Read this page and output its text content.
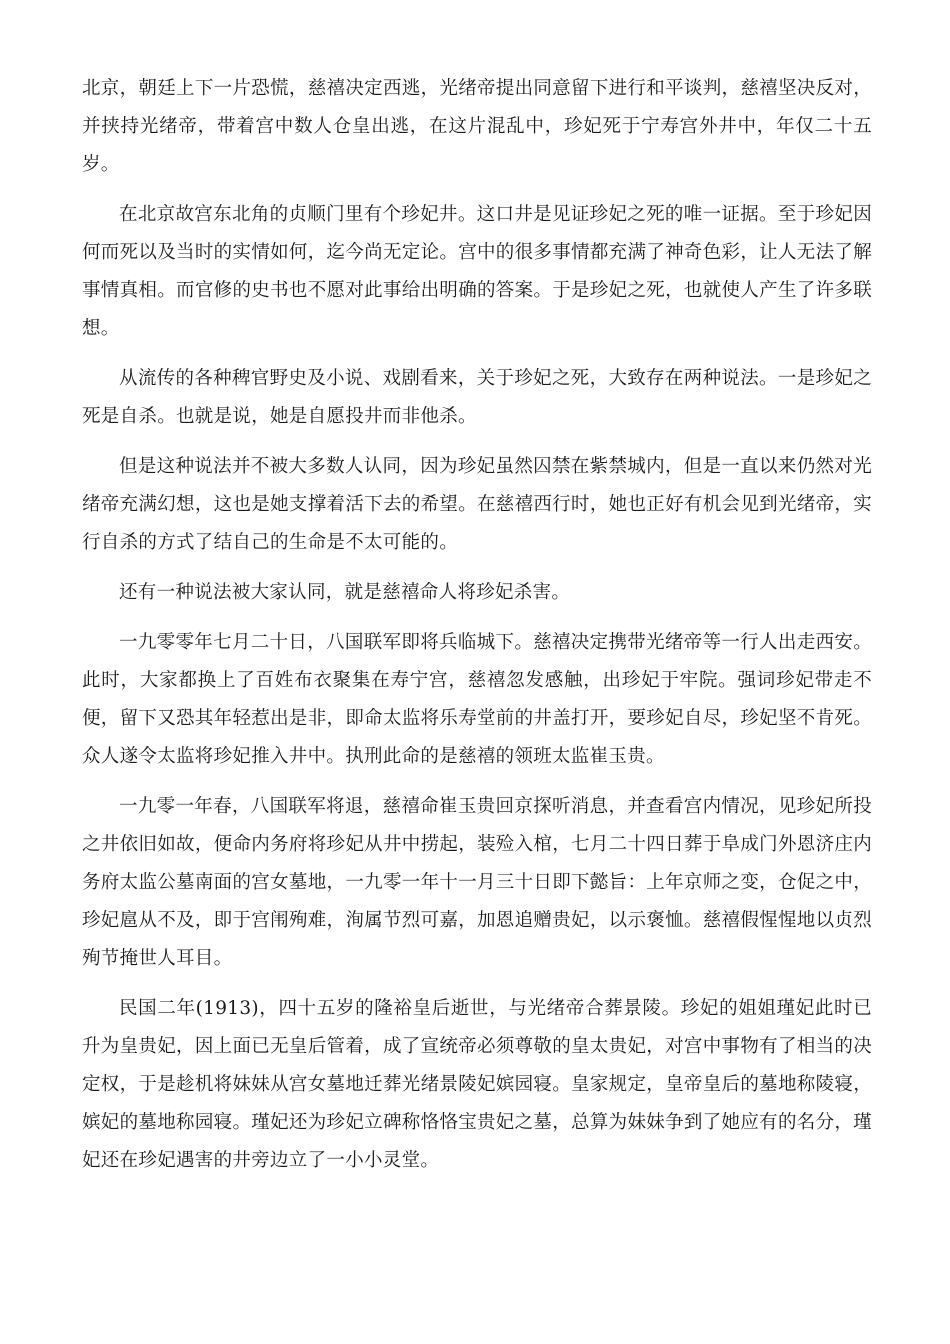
北京，朝廷上下一片恐慌，慈禧决定西逃，光绪帝提出同意留下进行和平谈判，慈禧坚决反对，并挟持光绪帝，带着宫中数人仓皇出逃，在这片混乱中，珍妃死于宁寿宫外井中，年仅二十五岁。

在北京故宫东北角的贞顺门里有个珍妃井。这口井是见证珍妃之死的唯一证据。至于珍妃因何而死以及当时的实情如何，迄今尚无定论。宫中的很多事情都充满了神奇色彩，让人无法了解事情真相。而官修的史书也不愿对此事给出明确的答案。于是珍妃之死，也就使人产生了许多联想。

从流传的各种稗官野史及小说、戏剧看来，关于珍妃之死，大致存在两种说法。一是珍妃之死是自杀。也就是说，她是自愿投井而非他杀。

但是这种说法并不被大多数人认同，因为珍妃虽然囚禁在紫禁城内，但是一直以来仍然对光绪帝充满幻想，这也是她支撑着活下去的希望。在慈禧西行时，她也正好有机会见到光绪帝，实行自杀的方式了结自己的生命是不太可能的。

还有一种说法被大家认同，就是慈禧命人将珍妃杀害。

一九零零年七月二十日，八国联军即将兵临城下。慈禧决定携带光绪帝等一行人出走西安。此时，大家都换上了百姓布衣聚集在寿宁宫，慈禧忽发感触，出珍妃于牢院。强词珍妃带走不便，留下又恐其年轻惹出是非，即命太监将乐寿堂前的井盖打开，要珍妃自尽，珍妃坚不肯死。众人遂令太监将珍妃推入井中。执刑此命的是慈禧的领班太监崔玉贵。

一九零一年春，八国联军将退，慈禧命崔玉贵回京探听消息，并查看宫内情况，见珍妃所投之井依旧如故，便命内务府将珍妃从井中捞起，装殓入棺，七月二十四日葬于阜成门外恩济庄内务府太监公墓南面的宫女墓地，一九零一年十一月三十日即下懿旨：上年京师之变，仓促之中，珍妃扈从不及，即于宫闱殉难，洵属节烈可嘉，加恩追赠贵妃，以示褒恤。慈禧假惺惺地以贞烈殉节掩世人耳目。

民国二年(1913)，四十五岁的隆裕皇后逝世，与光绪帝合葬景陵。珍妃的姐姐瑾妃此时已升为皇贵妃，因上面已无皇后管着，成了宣统帝必须尊敬的皇太贵妃，对宫中事物有了相当的决定权，于是趁机将妹妹从宫女墓地迁葬光绪景陵妃嫔园寝。皇家规定，皇帝皇后的墓地称陵寝，嫔妃的墓地称园寝。瑾妃还为珍妃立碑称恪恪宝贵妃之墓，总算为妹妹争到了她应有的名分，瑾妃还在珍妃遇害的井旁边立了一小小灵堂。
